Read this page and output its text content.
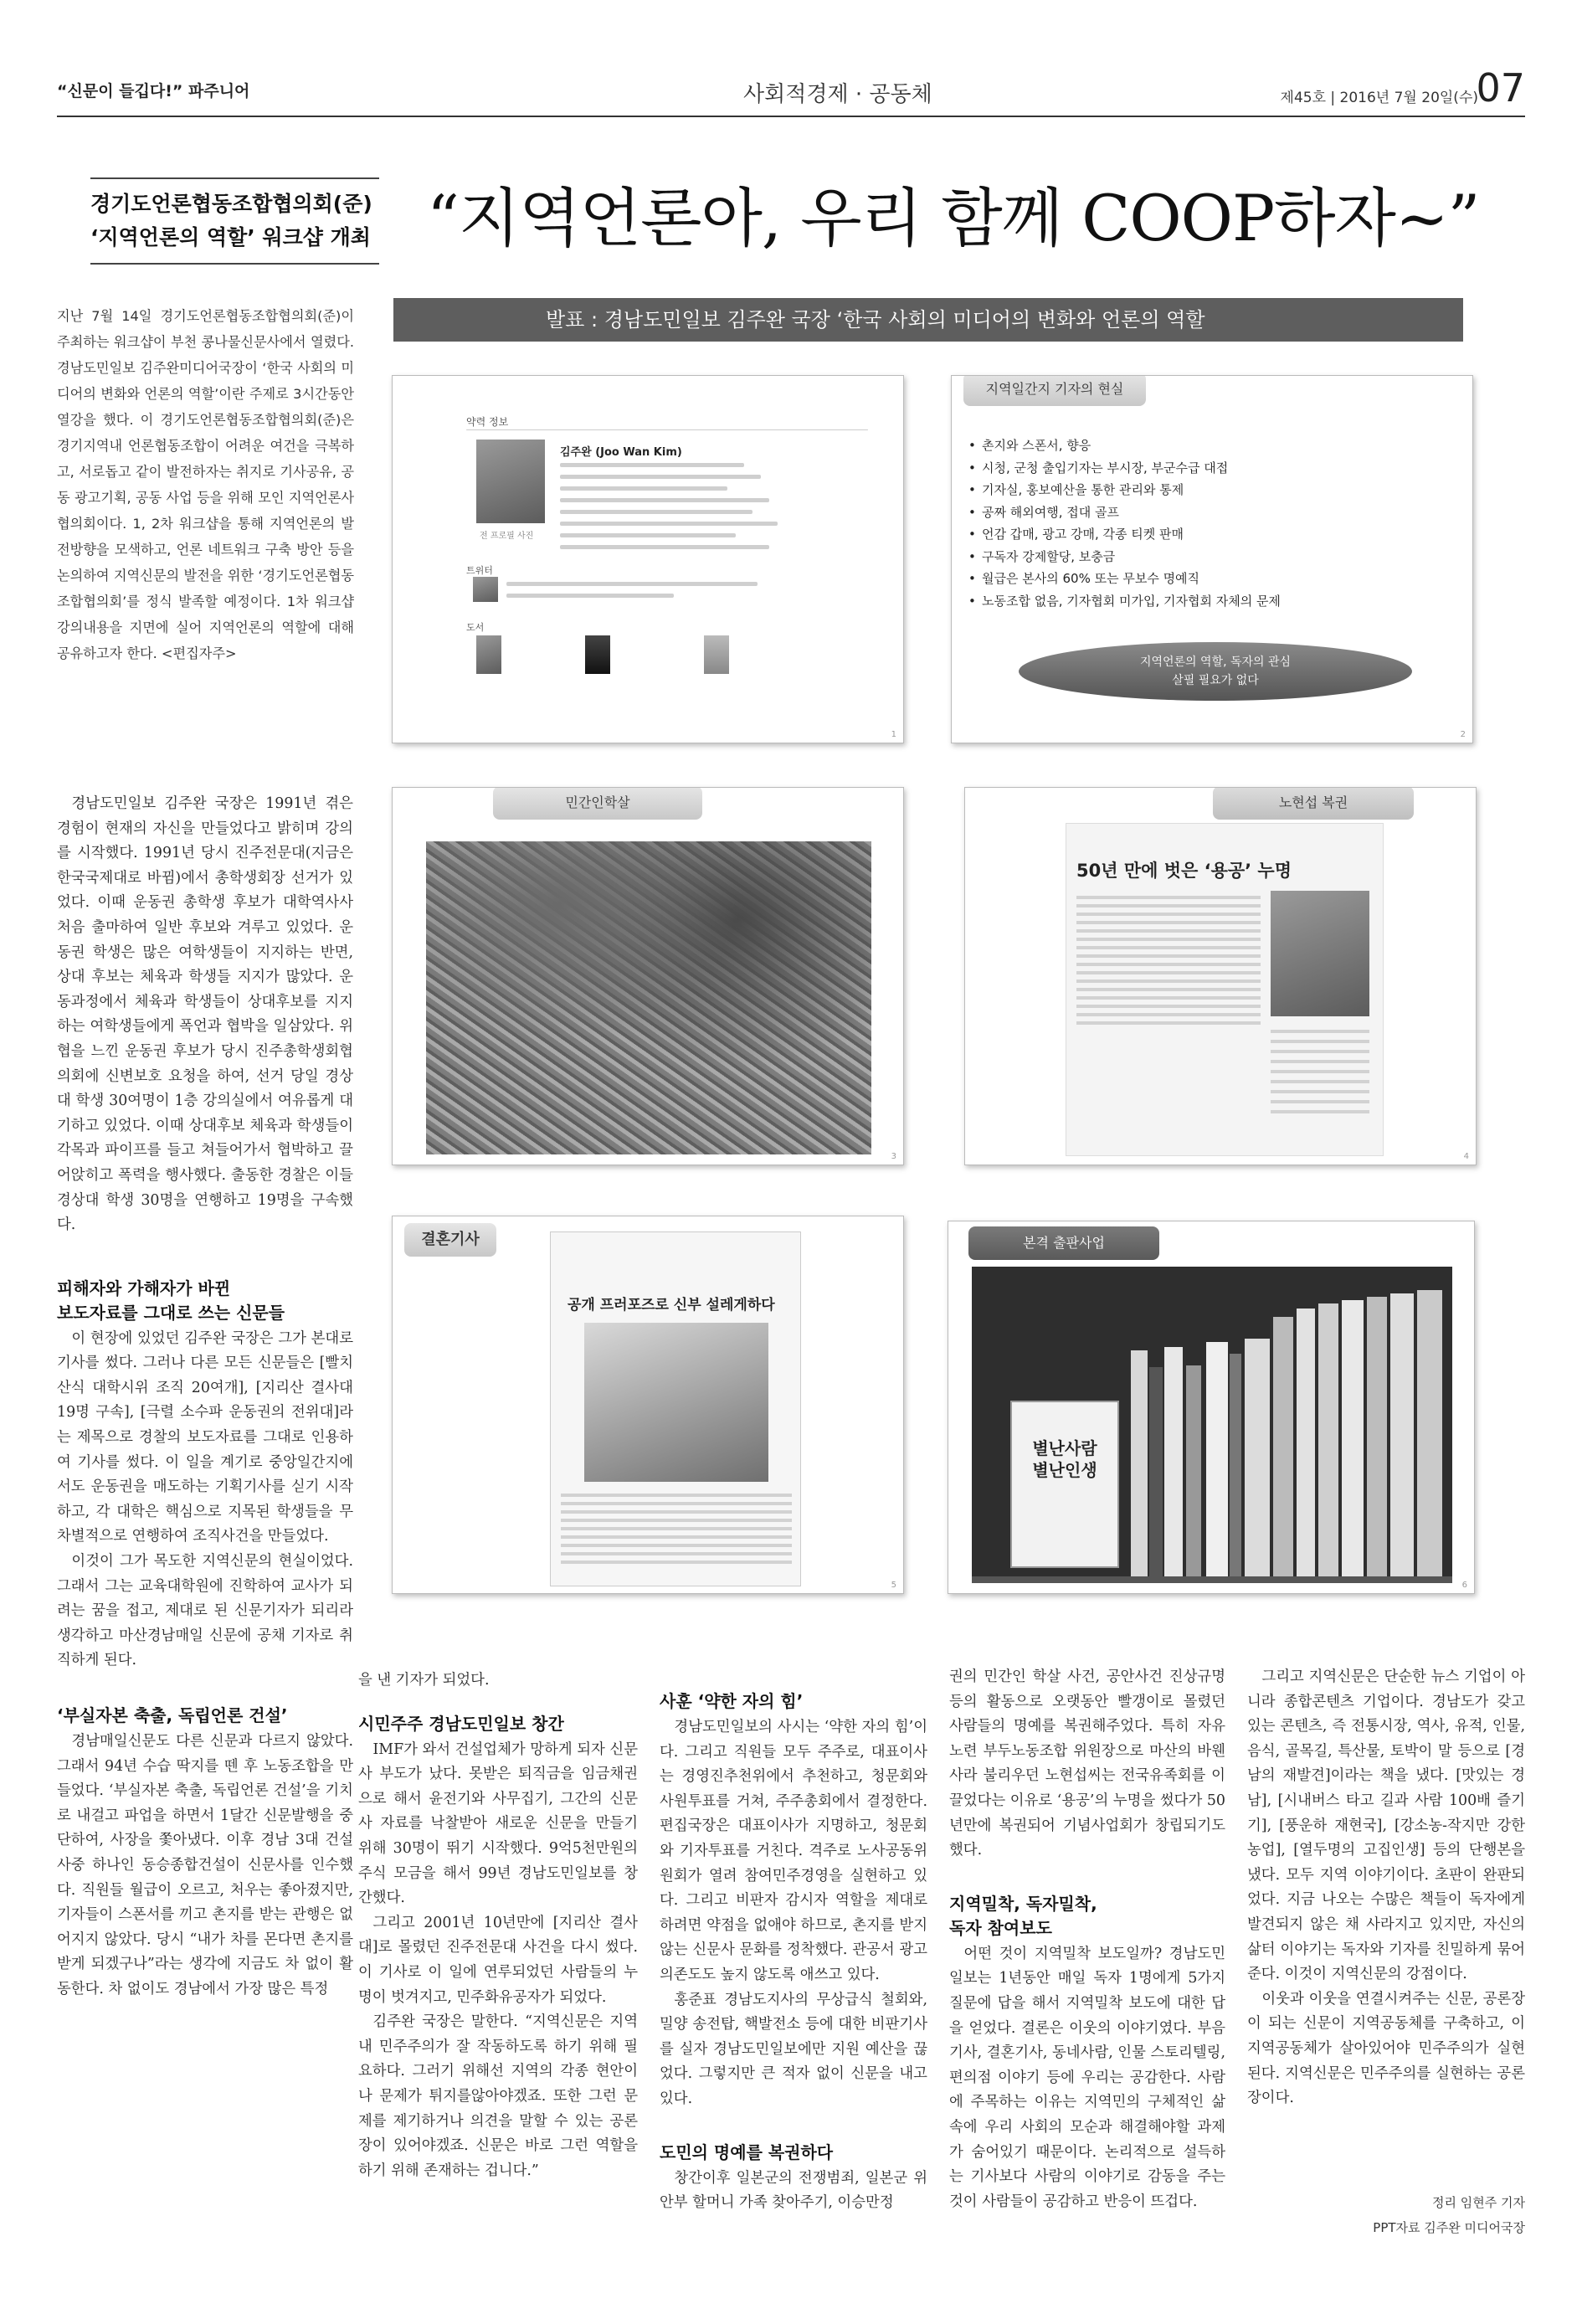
“신문이 들깁다!” 파주니어	사회적경제 · 공동체	제45호 | 2016년 7월 20일(수)
07
경기도언론협동조합협의회(준)
‘지역언론의 역할’ 워크샵 개최 “지역언론아, 우리 함께 COOP하자~”
지난 7월 14일 경기도언론협동조합협의회(준)이 주최하는 워크샵이 부천 콩나물신문사에서 열렸다. 경남도민일보 김주완미디어국장이 ‘한국 사회의 미디어의 변화와 언론의 역할’이란 주제로 3시간동안 열강을 했다. 이 경기도언론협동조합협의회(준)은 경기지역내 언론협동조합이 어려운 여건을 극복하고, 서로돕고 같이 발전하자는 취지로 기사공유, 공동 광고기획, 공동 사업 등을 위해 모인 지역언론사 협의회이다. 1, 2차 워크샵을 통해 지역언론의 발전방향을 모색하고, 언론 네트워크 구축 방안 등을 논의하여 지역신문의 발전을 위한 ‘경기도언론협동조합협의회’를 정식 발족할 예정이다. 1차 워크샵 강의내용을 지면에 실어 지역언론의 역할에 대해 공유하고자 한다. <편집자주>
발표 : 경남도민일보 김주완 국장 ‘한국 사회의 미디어의 변화와 언론의 역할
약력 정보
전 프로필 사진
김주완 (Joo Wan Kim)
트위터
도서
1
지역일간지 기자의 현실
• 촌지와 스폰서, 향응
• 시청, 군청 출입기자는 부시장, 부군수급 대접
• 기자실, 홍보예산을 통한 관리와 통제
• 공짜 해외여행, 접대 골프
• 언감 갑매, 광고 강매, 각종 티켓 판매
• 구독자 강제할당, 보충금
• 월급은 본사의 60% 또는 무보수 명예직
• 노동조합 없음, 기자협회 미가입, 기자협회 자체의 문제
지역언론의 역할, 독자의 관심
살필 필요가 없다
2
민간인학살
3
노현섭 복권
50년 만에 벗은 ‘용공’ 누명
4
결혼기사
공개 프러포즈로 신부 설레게하다
5
본격 출판사업
별난사람
별난인생
6

경남도민일보 김주완 국장은 1991년 겪은 경험이 현재의 자신을 만들었다고 밝히며 강의를 시작했다. 1991년 당시 진주전문대(지금은 한국국제대로 바뀜)에서 총학생회장 선거가 있었다. 이때 운동권 총학생 후보가 대학역사사 처음 출마하여 일반 후보와 겨루고 있었다. 운동권 학생은 많은 여학생들이 지지하는 반면, 상대 후보는 체육과 학생들 지지가 많았다. 운동과정에서 체육과 학생들이 상대후보를 지지하는 여학생들에게 폭언과 협박을 일삼았다. 위협을 느낀 운동권 후보가 당시 진주총학생회협의회에 신변보호 요청을 하여, 선거 당일 경상대 학생 30여명이 1층 강의실에서 여유롭게 대기하고 있었다. 이때 상대후보 체육과 학생들이 각목과 파이프를 들고 쳐들어가서 협박하고 끌어앉히고 폭력을 행사했다. 출동한 경찰은 이들 경상대 학생 30명을 연행하고 19명을 구속했다.

피해자와 가해자가 바뀐
보도자료를 그대로 쓰는 신문들

이 현장에 있었던 김주완 국장은 그가 본대로 기사를 썼다. 그러나 다른 모든 신문들은 [빨치산식 대학시위 조직 20여개], [지리산 결사대 19명 구속], [극렬 소수파 운동권의 전위대]라는 제목으로 경찰의 보도자료를 그대로 인용하여 기사를 썼다. 이 일을 계기로 중앙일간지에서도 운동권을 매도하는 기획기사를 싣기 시작하고, 각 대학은 핵심으로 지목된 학생들을 무차별적으로 연행하여 조직사건을 만들었다.

이것이 그가 목도한 지역신문의 현실이었다. 그래서 그는 교육대학원에 진학하여 교사가 되려는 꿈을 접고, 제대로 된 신문기자가 되리라 생각하고 마산경남매일 신문에 공채 기자로 취직하게 된다.

‘부실자본 축출, 독립언론 건설’

경남매일신문도 다른 신문과 다르지 않았다. 그래서 94년 수습 딱지를 뗀 후 노동조합을 만들었다. ‘부실자본 축출, 독립언론 건설’을 기치로 내걸고 파업을 하면서 1달간 신문발행을 중단하여, 사장을 쫓아냈다. 이후 경남 3대 건설사중 하나인 동승종합건설이 신문사를 인수했다. 직원들 월급이 오르고, 처우는 좋아졌지만, 기자들이 스폰서를 끼고 촌지를 받는 관행은 없어지지 않았다. 당시 “내가 차를 몬다면 촌지를 받게 되겠구나”라는 생각에 지금도 차 없이 활동한다. 차 없이도 경남에서 가장 많은 특정

을 낸 기자가 되었다.

시민주주 경남도민일보 창간

IMF가 와서 건설업체가 망하게 되자 신문사 부도가 났다. 못받은 퇴직금을 임금채권으로 해서 윤전기와 사무집기, 그간의 신문사 자료를 낙찰받아 새로운 신문을 만들기 위해 30명이 뛰기 시작했다. 9억5천만원의 주식 모금을 해서 99년 경남도민일보를 창간했다.

그리고 2001년 10년만에 [지리산 결사대]로 몰렸던 진주전문대 사건을 다시 썼다. 이 기사로 이 일에 연루되었던 사람들의 누명이 벗겨지고, 민주화유공자가 되었다.

김주완 국장은 말한다. “지역신문은 지역내 민주주의가 잘 작동하도록 하기 위해 필요하다. 그러기 위해선 지역의 각종 현안이나 문제가 튀지를않아야겠죠. 또한 그런 문제를 제기하거나 의견을 말할 수 있는 공론장이 있어야겠죠. 신문은 바로 그런 역할을 하기 위해 존재하는 겁니다.”

사훈 ‘약한 자의 힘’

경남도민일보의 사시는 ‘약한 자의 힘’이다. 그리고 직원들 모두 주주로, 대표이사는 경영진추천위에서 추천하고, 청문회와 사원투표를 거쳐, 주주총회에서 결정한다. 편집국장은 대표이사가 지명하고, 청문회와 기자투표를 거친다. 격주로 노사공동위원회가 열려 참여민주경영을 실현하고 있다. 그리고 비판자 감시자 역할을 제대로 하려면 약점을 없애야 하므로, 촌지를 받지 않는 신문사 문화를 정착했다. 관공서 광고 의존도도 높지 않도록 애쓰고 있다.

홍준표 경남도지사의 무상급식 철회와, 밀양 송전탑, 핵발전소 등에 대한 비판기사를 실자 경남도민일보에만 지원 예산을 끊었다. 그렇지만 큰 적자 없이 신문을 내고 있다.

도민의 명예를 복권하다

창간이후 일본군의 전쟁범죄, 일본군 위안부 할머니 가족 찾아주기, 이승만정

권의 민간인 학살 사건, 공안사건 진상규명 등의 활동으로 오랫동안 빨갱이로 몰렸던 사람들의 명예를 복권해주었다. 특히 자유노련 부두노동조합 위원장으로 마산의 바웬사라 불리우던 노현섭씨는 전국유족회를 이끌었다는 이유로 ‘용공’의 누명을 썼다가 50년만에 복권되어 기념사업회가 창립되기도 했다.

지역밀착, 독자밀착,
독자 참여보도

어떤 것이 지역밀착 보도일까? 경남도민일보는 1년동안 매일 독자 1명에게 5가지 질문에 답을 해서 지역밀착 보도에 대한 답을 얻었다. 결론은 이웃의 이야기였다. 부음기사, 결혼기사, 동네사람, 인물 스토리텔링, 편의점 이야기 등에 우리는 공감한다. 사람에 주목하는 이유는 지역민의 구체적인 삶속에 우리 사회의 모순과 해결해야할 과제가 숨어있기 때문이다. 논리적으로 설득하는 기사보다 사람의 이야기로 감동을 주는 것이 사람들이 공감하고 반응이 뜨겁다.

그리고 지역신문은 단순한 뉴스 기업이 아니라 종합콘텐츠 기업이다. 경남도가 갖고 있는 콘텐츠, 즉 전통시장, 역사, 유적, 인물, 음식, 골목길, 특산물, 토박이 말 등으로 [경남의 재발견]이라는 책을 냈다. [맛있는 경남], [시내버스 타고 길과 사람 100배 즐기기], [풍운하 재현국], [강소농-작지만 강한 농업], [열두명의 고집인생] 등의 단행본을 냈다. 모두 지역 이야기이다. 초판이 완판되었다. 지금 나오는 수많은 책들이 독자에게 발견되지 않은 채 사라지고 있지만, 자신의 삶터 이야기는 독자와 기자를 친밀하게 묶어준다. 이것이 지역신문의 강점이다.

이웃과 이웃을 연결시켜주는 신문, 공론장이 되는 신문이 지역공동체를 구축하고, 이 지역공동체가 살아있어야 민주주의가 실현된다. 지역신문은 민주주의를 실현하는 공론장이다.

정리 임현주 기자
PPT자료 김주완 미디어국장
